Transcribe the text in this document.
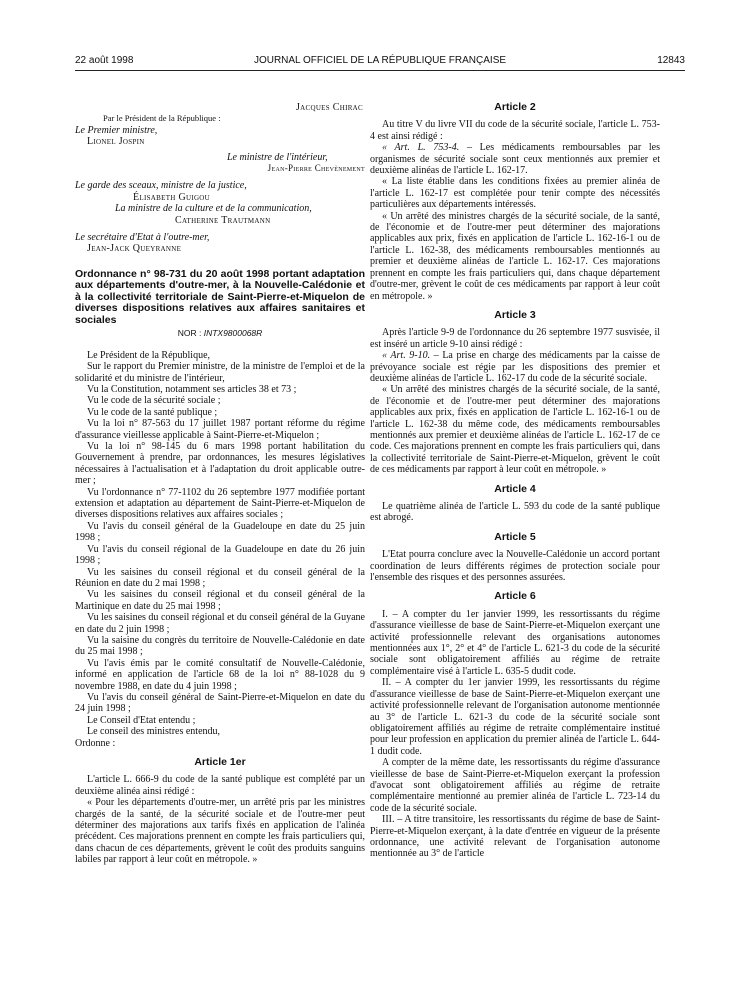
22 août 1998	JOURNAL OFFICIEL DE LA RÉPUBLIQUE FRANÇAISE	12843

Jacques Chirac

Par le Président de la République :

Le Premier ministre,

Lionel Jospin

Le ministre de l'intérieur,

Jean-Pierre Chevènement

Le garde des sceaux, ministre de la justice,

Élisabeth Guigou

La ministre de la culture et de la communication,

Catherine Trautmann

Le secrétaire d'Etat à l'outre-mer,

Jean-Jack Queyranne

Ordonnance n° 98-731 du 20 août 1998 portant adaptation aux départements d'outre-mer, à la Nouvelle-Calédonie et à la collectivité territoriale de Saint-Pierre-et-Miquelon de diverses dispositions relatives aux affaires sanitaires et sociales
NOR : INTX9800068R

Le Président de la République,

Sur le rapport du Premier ministre, de la ministre de l'emploi et de la solidarité et du ministre de l'intérieur,

Vu la Constitution, notamment ses articles 38 et 73 ;

Vu le code de la sécurité sociale ;

Vu le code de la santé publique ;

Vu la loi n° 87-563 du 17 juillet 1987 portant réforme du régime d'assurance vieillesse applicable à Saint-Pierre-et-Miquelon ;

Vu la loi n° 98-145 du 6 mars 1998 portant habilitation du Gouvernement à prendre, par ordonnances, les mesures législatives nécessaires à l'actualisation et à l'adaptation du droit applicable outre-mer ;

Vu l'ordonnance n° 77-1102 du 26 septembre 1977 modifiée portant extension et adaptation au département de Saint-Pierre-et-Miquelon de diverses dispositions relatives aux affaires sociales ;

Vu l'avis du conseil général de la Guadeloupe en date du 25 juin 1998 ;

Vu l'avis du conseil régional de la Guadeloupe en date du 26 juin 1998 ;

Vu les saisines du conseil régional et du conseil général de la Réunion en date du 2 mai 1998 ;

Vu les saisines du conseil régional et du conseil général de la Martinique en date du 25 mai 1998 ;

Vu les saisines du conseil régional et du conseil général de la Guyane en date du 2 juin 1998 ;

Vu la saisine du congrès du territoire de Nouvelle-Calédonie en date du 25 mai 1998 ;

Vu l'avis émis par le comité consultatif de Nouvelle-Calédonie, informé en application de l'article 68 de la loi n° 88-1028 du 9 novembre 1988, en date du 4 juin 1998 ;

Vu l'avis du conseil général de Saint-Pierre-et-Miquelon en date du 24 juin 1998 ;

Le Conseil d'Etat entendu ;

Le conseil des ministres entendu,

Ordonne :

Article 1er

L'article L. 666-9 du code de la santé publique est complété par un deuxième alinéa ainsi rédigé :

« Pour les départements d'outre-mer, un arrêté pris par les ministres chargés de la santé, de la sécurité sociale et de l'outre-mer peut déterminer des majorations aux tarifs fixés en application de l'alinéa précédent. Ces majorations prennent en compte les frais particuliers qui, dans chacun de ces départements, grèvent le coût des produits sanguins labiles par rapport à leur coût en métropole. »

Article 2

Au titre V du livre VII du code de la sécurité sociale, l'article L. 753-4 est ainsi rédigé :

« Art. L. 753-4. – Les médicaments remboursables par les organismes de sécurité sociale sont ceux mentionnés aux premier et deuxième alinéas de l'article L. 162-17.

« La liste établie dans les conditions fixées au premier alinéa de l'article L. 162-17 est complétée pour tenir compte des nécessités particulières aux départements intéressés.

« Un arrêté des ministres chargés de la sécurité sociale, de la santé, de l'économie et de l'outre-mer peut déterminer des majorations applicables aux prix, fixés en application de l'article L. 162-16-1 ou de l'article L. 162-38, des médicaments remboursables mentionnés au premier et deuxième alinéas de l'article L. 162-17. Ces majorations prennent en compte les frais particuliers qui, dans chaque département d'outre-mer, grèvent le coût de ces médicaments par rapport à leur coût en métropole. »

Article 3

Après l'article 9-9 de l'ordonnance du 26 septembre 1977 susvisée, il est inséré un article 9-10 ainsi rédigé :

« Art. 9-10. – La prise en charge des médicaments par la caisse de prévoyance sociale est régie par les dispositions des premier et deuxième alinéas de l'article L. 162-17 du code de la sécurité sociale.

« Un arrêté des ministres chargés de la sécurité sociale, de la santé, de l'économie et de l'outre-mer peut déterminer des majorations applicables aux prix, fixés en application de l'article L. 162-16-1 ou de l'article L. 162-38 du même code, des médicaments remboursables mentionnés aux premier et deuxième alinéas de l'article L. 162-17 de ce code. Ces majorations prennent en compte les frais particuliers qui, dans la collectivité territoriale de Saint-Pierre-et-Miquelon, grèvent le coût de ces médicaments par rapport à leur coût en métropole. »

Article 4

Le quatrième alinéa de l'article L. 593 du code de la santé publique est abrogé.

Article 5

L'Etat pourra conclure avec la Nouvelle-Calédonie un accord portant coordination de leurs différents régimes de protection sociale pour l'ensemble des risques et des personnes assurées.

Article 6

I. – A compter du 1er janvier 1999, les ressortissants du régime d'assurance vieillesse de base de Saint-Pierre-et-Miquelon exerçant une activité professionnelle relevant des organisations autonomes mentionnées aux 1°, 2° et 4° de l'article L. 621-3 du code de la sécurité sociale sont obligatoirement affiliés au régime de retraite complémentaire visé à l'article L. 635-5 dudit code.

II. – A compter du 1er janvier 1999, les ressortissants du régime d'assurance vieillesse de base de Saint-Pierre-et-Miquelon exerçant une activité professionnelle relevant de l'organisation autonome mentionnée au 3° de l'article L. 621-3 du code de la sécurité sociale sont obligatoirement affiliés au régime de retraite complémentaire institué pour leur profession en application du premier alinéa de l'article L. 644-1 dudit code.

A compter de la même date, les ressortissants du régime d'assurance vieillesse de base de Saint-Pierre-et-Miquelon exerçant la profession d'avocat sont obligatoirement affiliés au régime de retraite complémentaire mentionné au premier alinéa de l'article L. 723-14 du code de la sécurité sociale.

III. – A titre transitoire, les ressortissants du régime de base de Saint-Pierre-et-Miquelon exerçant, à la date d'entrée en vigueur de la présente ordonnance, une activité relevant de l'organisation autonome mentionnée au 3° de l'article
